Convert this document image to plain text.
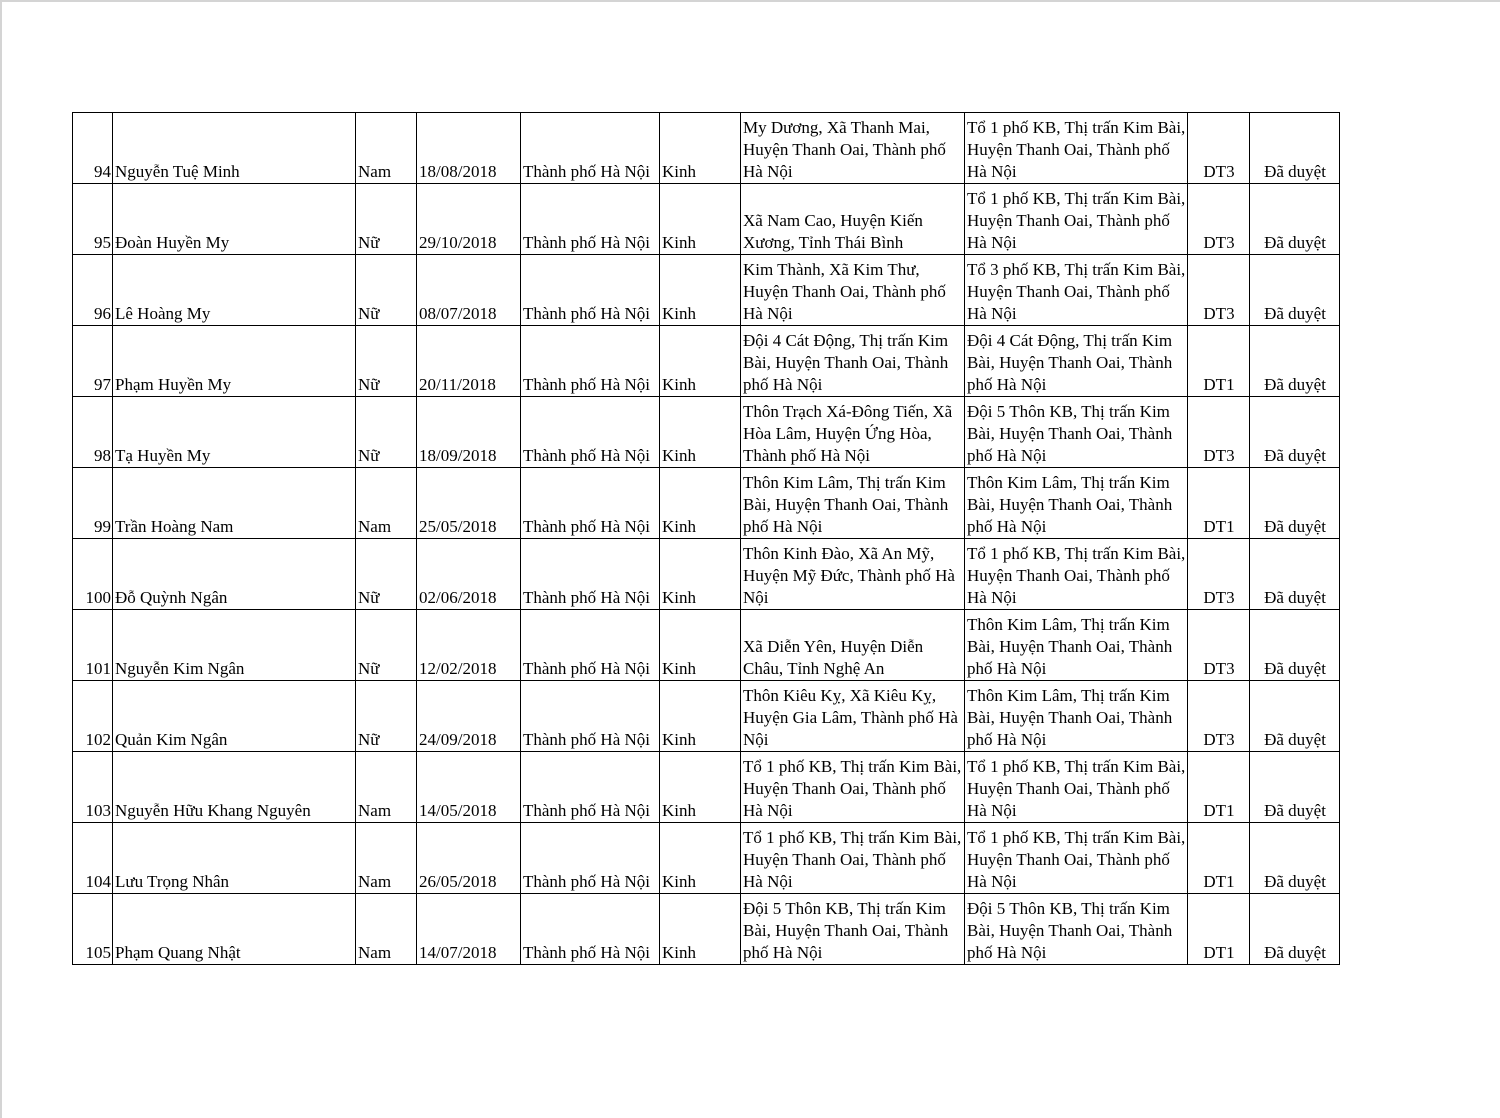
94	Nguyễn Tuệ Minh	Nam	18/08/2018	Thành phố Hà Nội	Kinh	My Dương, Xã Thanh Mai, Huyện Thanh Oai, Thành phố Hà Nội	Tổ 1 phố KB, Thị trấn Kim Bài, Huyện Thanh Oai, Thành phố Hà Nội	DT3	Đã duyệt
95	Đoàn Huyền My	Nữ	29/10/2018	Thành phố Hà Nội	Kinh	Xã Nam Cao, Huyện Kiến Xương, Tỉnh Thái Bình	Tổ 1 phố KB, Thị trấn Kim Bài, Huyện Thanh Oai, Thành phố Hà Nội	DT3	Đã duyệt
96	Lê Hoàng My	Nữ	08/07/2018	Thành phố Hà Nội	Kinh	Kim Thành, Xã Kim Thư, Huyện Thanh Oai, Thành phố Hà Nội	Tổ 3 phố KB, Thị trấn Kim Bài, Huyện Thanh Oai, Thành phố Hà Nội	DT3	Đã duyệt
97	Phạm Huyền My	Nữ	20/11/2018	Thành phố Hà Nội	Kinh	Đội 4 Cát Động, Thị trấn Kim Bài, Huyện Thanh Oai, Thành phố Hà Nội	Đội 4 Cát Động, Thị trấn Kim Bài, Huyện Thanh Oai, Thành phố Hà Nội	DT1	Đã duyệt
98	Tạ Huyền My	Nữ	18/09/2018	Thành phố Hà Nội	Kinh	Thôn Trạch Xá-Đông Tiến, Xã Hòa Lâm, Huyện Ứng Hòa, Thành phố Hà Nội	Đội 5 Thôn KB, Thị trấn Kim Bài, Huyện Thanh Oai, Thành phố Hà Nội	DT3	Đã duyệt
99	Trần Hoàng Nam	Nam	25/05/2018	Thành phố Hà Nội	Kinh	Thôn Kim Lâm, Thị trấn Kim Bài, Huyện Thanh Oai, Thành phố Hà Nội	Thôn Kim Lâm, Thị trấn Kim Bài, Huyện Thanh Oai, Thành phố Hà Nội	DT1	Đã duyệt
100	Đỗ Quỳnh Ngân	Nữ	02/06/2018	Thành phố Hà Nội	Kinh	Thôn Kinh Đào, Xã An Mỹ, Huyện Mỹ Đức, Thành phố Hà Nội	Tổ 1 phố KB, Thị trấn Kim Bài, Huyện Thanh Oai, Thành phố Hà Nội	DT3	Đã duyệt
101	Nguyễn Kim Ngân	Nữ	12/02/2018	Thành phố Hà Nội	Kinh	Xã Diễn Yên, Huyện Diễn Châu, Tỉnh Nghệ An	Thôn Kim Lâm, Thị trấn Kim Bài, Huyện Thanh Oai, Thành phố Hà Nội	DT3	Đã duyệt
102	Quản Kim Ngân	Nữ	24/09/2018	Thành phố Hà Nội	Kinh	Thôn Kiêu Kỵ, Xã Kiêu Kỵ, Huyện Gia Lâm, Thành phố Hà Nội	Thôn Kim Lâm, Thị trấn Kim Bài, Huyện Thanh Oai, Thành phố Hà Nội	DT3	Đã duyệt
103	Nguyễn Hữu Khang Nguyên	Nam	14/05/2018	Thành phố Hà Nội	Kinh	Tổ 1 phố KB, Thị trấn Kim Bài, Huyện Thanh Oai, Thành phố Hà Nội	Tổ 1 phố KB, Thị trấn Kim Bài, Huyện Thanh Oai, Thành phố Hà Nội	DT1	Đã duyệt
104	Lưu Trọng Nhân	Nam	26/05/2018	Thành phố Hà Nội	Kinh	Tổ 1 phố KB, Thị trấn Kim Bài, Huyện Thanh Oai, Thành phố Hà Nội	Tổ 1 phố KB, Thị trấn Kim Bài, Huyện Thanh Oai, Thành phố Hà Nội	DT1	Đã duyệt
105	Phạm Quang Nhật	Nam	14/07/2018	Thành phố Hà Nội	Kinh	Đội 5 Thôn KB, Thị trấn Kim Bài, Huyện Thanh Oai, Thành phố Hà Nội	Đội 5 Thôn KB, Thị trấn Kim Bài, Huyện Thanh Oai, Thành phố Hà Nội	DT1	Đã duyệt
